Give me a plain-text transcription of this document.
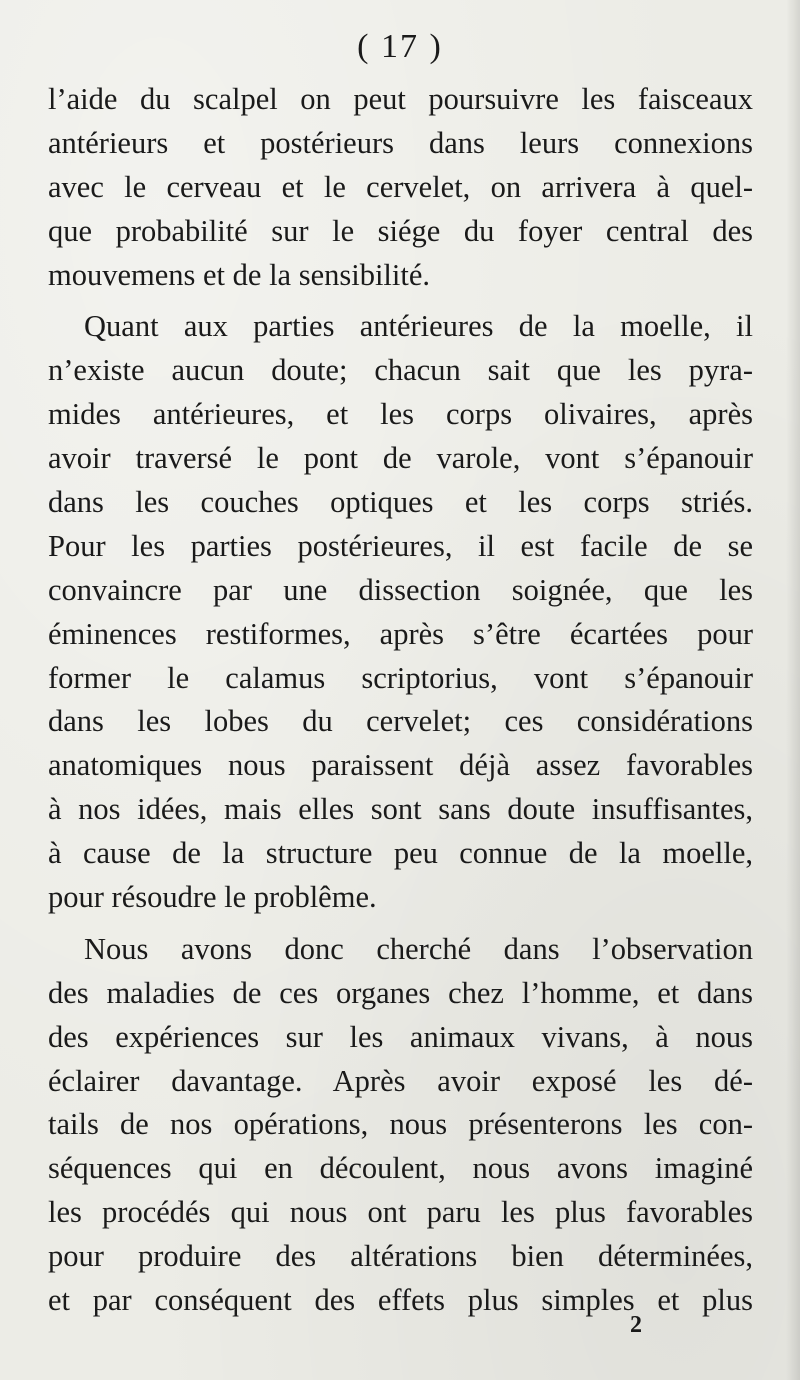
( 17 )
l’aide du scalpel on peut poursuivre les faisceaux
antérieurs et postérieurs dans leurs connexions
avec le cerveau et le cervelet, on arrivera à quel-
que probabilité sur le siége du foyer central des
mouvemens et de la sensibilité.
Quant aux parties antérieures de la moelle, il
n’existe aucun doute; chacun sait que les pyra-
mides antérieures, et les corps olivaires, après
avoir traversé le pont de varole, vont s’épanouir
dans les couches optiques et les corps striés.
Pour les parties postérieures, il est facile de se
convaincre par une dissection soignée, que les
éminences restiformes, après s’être écartées pour
former le calamus scriptorius, vont s’épanouir
dans les lobes du cervelet; ces considérations
anatomiques nous paraissent déjà assez favorables
à nos idées, mais elles sont sans doute insuffisantes,
à cause de la structure peu connue de la moelle,
pour résoudre le problême.
Nous avons donc cherché dans l’observation
des maladies de ces organes chez l’homme, et dans
des expériences sur les animaux vivans, à nous
éclairer davantage. Après avoir exposé les dé-
tails de nos opérations, nous présenterons les con-
séquences qui en découlent, nous avons imaginé
les procédés qui nous ont paru les plus favorables
pour produire des altérations bien déterminées,
et par conséquent des effets plus simples et plus
2
